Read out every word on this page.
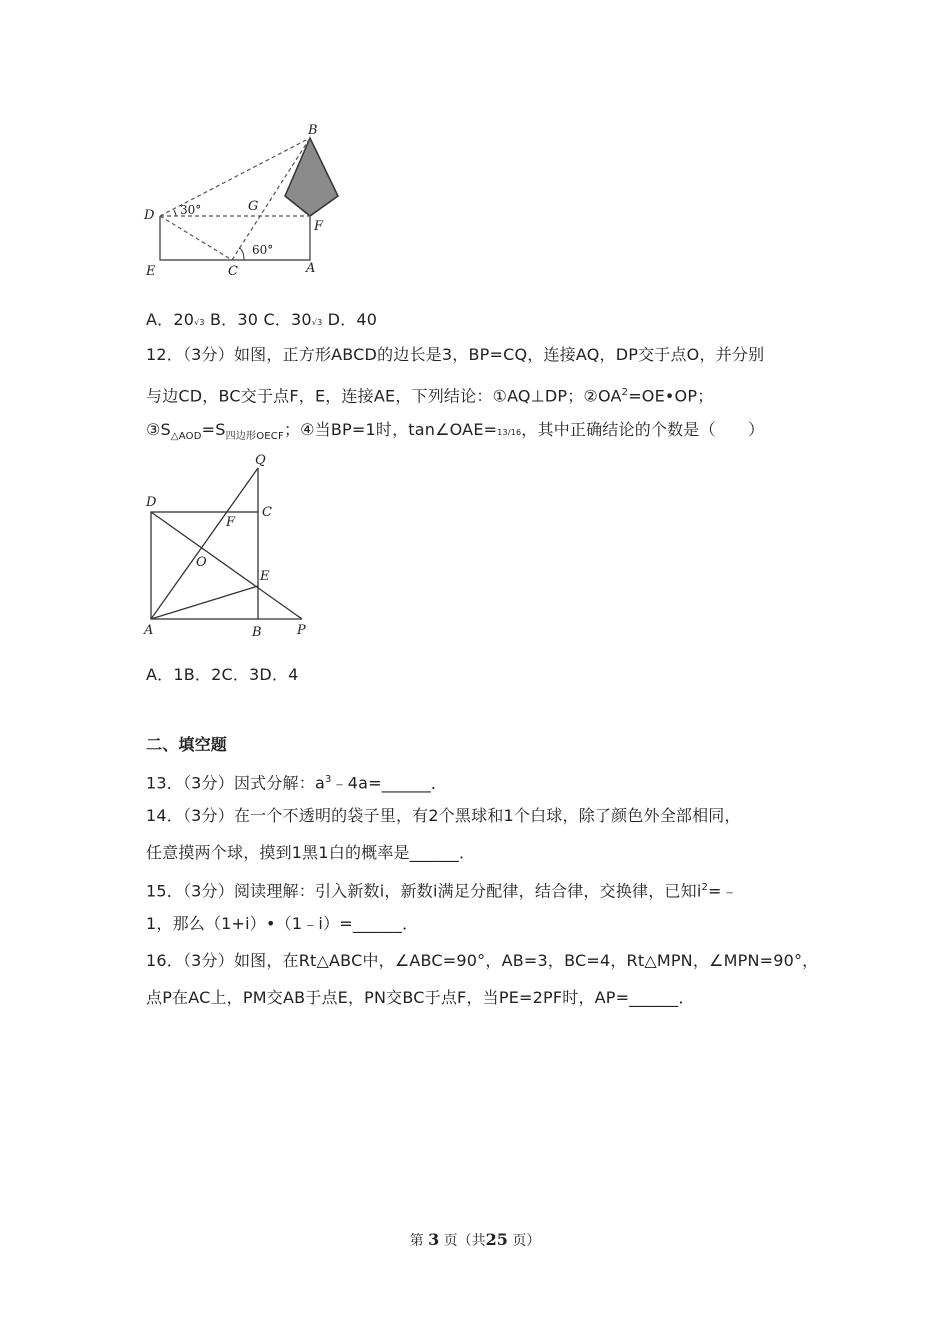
B
D 30°	G
F
60°
E	C	A
A．20√3 B．30 C．30√3 D．40
12．（3分）如图，正方形ABCD的边长是3，BP=CQ，连接AQ，DP交于点O，并分别
与边CD，BC交于点F，E，连接AE，下列结论：①AQ⊥DP；$②OA^2=OE•OP$；
$③S_{\triangle AOD}=S_{四边形OECF}$；④当BP=1时，tan∠OAE=13/16，其中正确结论的个数是（　　）
Q
D
C
F
O
E
A	B	P
A．1B．2C．3D．4
二、填空题
13．（3分）因式分解：$a^3﹣4a=\_\_\_\_\_\_$．
14．（3分）在一个不透明的袋子里，有2个黑球和1个白球，除了颜色外全部相同，
任意摸两个球，摸到1黑1白的概率是______．
15．（3分）阅读理解：引入新数i，新数i满足分配律，结合律，交换律，已知$i^2=﹣$
1，那么（1+i）•（1﹣i）=______．
16．（3分）如图，在Rt△ABC中，∠ABC=90°，AB=3，BC=4，Rt△MPN，∠MPN=90°，
点P在AC上，PM交AB于点E，PN交BC于点F，当PE=2PF时，AP=______．
第 3 页（共25 页）
